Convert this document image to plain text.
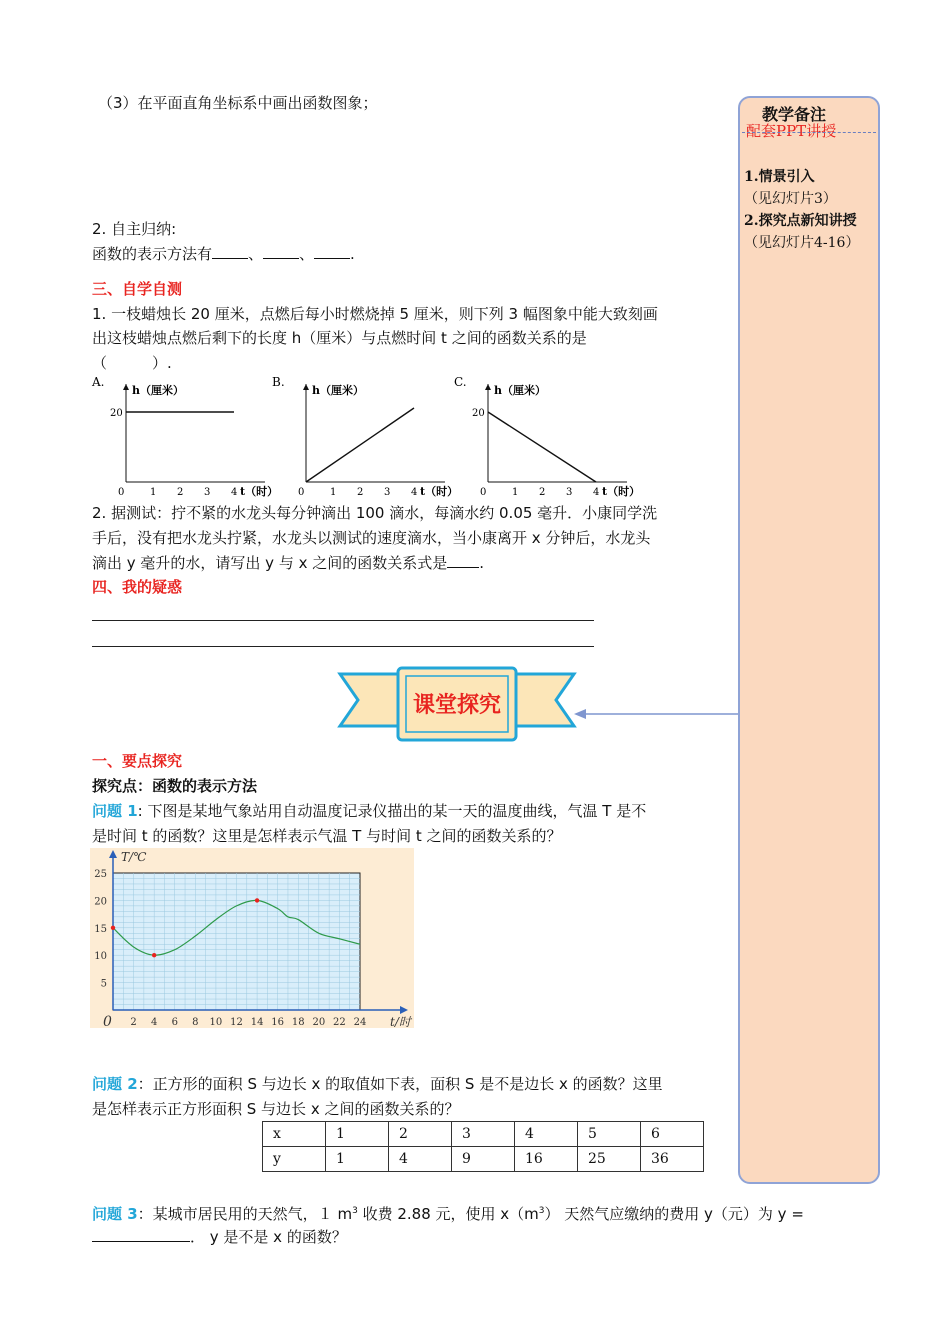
（3）在平面直角坐标系中画出函数图象；
2. 自主归纳:
函数的表示方法有 、 、 .
三、自学自测
1. 一枝蜡烛长 20 厘米，点燃后每小时燃烧掉 5 厘米，则下列 3 幅图象中能大致刻画
出这枝蜡烛点燃后剩下的长度 h（厘米）与点燃时间 t 之间的函数关系的是
（　　　）.
A.
h（厘米）
t（时）
0	1 2 3 4
20
B.
h（厘米）
t（时）
0	1 2 3 4
C.
h（厘米）
t（时）
0	1 2 3 4
20
2. 据测试：拧不紧的水龙头每分钟滴出 100 滴水，每滴水约 0.05 毫升．小康同学洗
手后，没有把水龙头拧紧，水龙头以测试的速度滴水，当小康离开 x 分钟后，水龙头
滴出 y 毫升的水，请写出 y 与 x 之间的函数关系式是 .
四、我的疑惑
课堂探究
一、要点探究
探究点：函数的表示方法
问题 1: 下图是某地气象站用自动温度记录仪描出的某一天的温度曲线，气温 T 是不
是时间 t 的函数？这里是怎样表示气温 T 与时间 t 之间的函数关系的？
T/℃
t/时
5
10
15
20
25
0 2 4 6 8 10 12 14 16 18 20 22 24
问题 2：正方形的面积 S 与边长 x 的取值如下表，面积 S 是不是边长 x 的函数？这里
是怎样表示正方形面积 S 与边长 x 之间的函数关系的？
x	1	2	3	4	5	6
y	1	4	9	16	25	36
问题 3：某城市居民用的天然气，１ $m^3$ 收费 2.88 元，使用 $x(m^3)$ 天然气应缴纳的费用 y（元）为 y =
． y 是不是 x 的函数？
教学备注
配套PPT讲授
1.情景引入
（见幻灯片3）
2.探究点新知讲授
（见幻灯片4-16）
